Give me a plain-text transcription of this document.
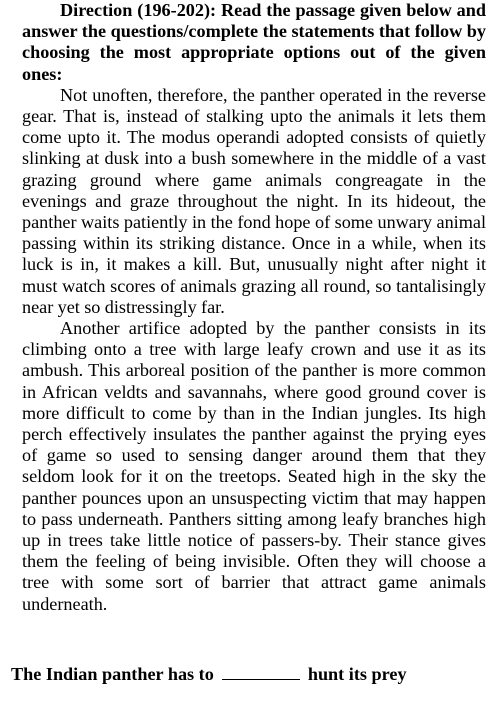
Direction (196-202): Read the passage given below and answer the questions/complete the statements that follow by choosing the most appropriate options out of the given ones:

Not unoften, therefore, the panther operated in the reverse gear. That is, instead of stalking upto the animals it lets them come upto it. The modus operandi adopted consists of quietly slinking at dusk into a bush somewhere in the middle of a vast grazing ground where game animals congreagate in the evenings and graze throughout the night. In its hideout, the panther waits patiently in the fond hope of some unwary animal passing within its striking distance. Once in a while, when its luck is in, it makes a kill. But, unusually night after night it must watch scores of animals grazing all round, so tantalisingly near yet so distressingly far.

Another artifice adopted by the panther consists in its climbing onto a tree with large leafy crown and use it as its ambush. This arboreal position of the panther is more common in African veldts and savannahs, where good ground cover is more difficult to come by than in the Indian jungles. Its high perch effectively insulates the panther against the prying eyes of game so used to sensing danger around them that they seldom look for it on the treetops. Seated high in the sky the panther pounces upon an unsuspecting victim that may happen to pass underneath. Panthers sitting among leafy branches high up in trees take little notice of passers-by. Their stance gives them the feeling of being invisible. Often they will choose a tree with some sort of barrier that attract game animals underneath.

The Indian panther has to	hunt its prey
